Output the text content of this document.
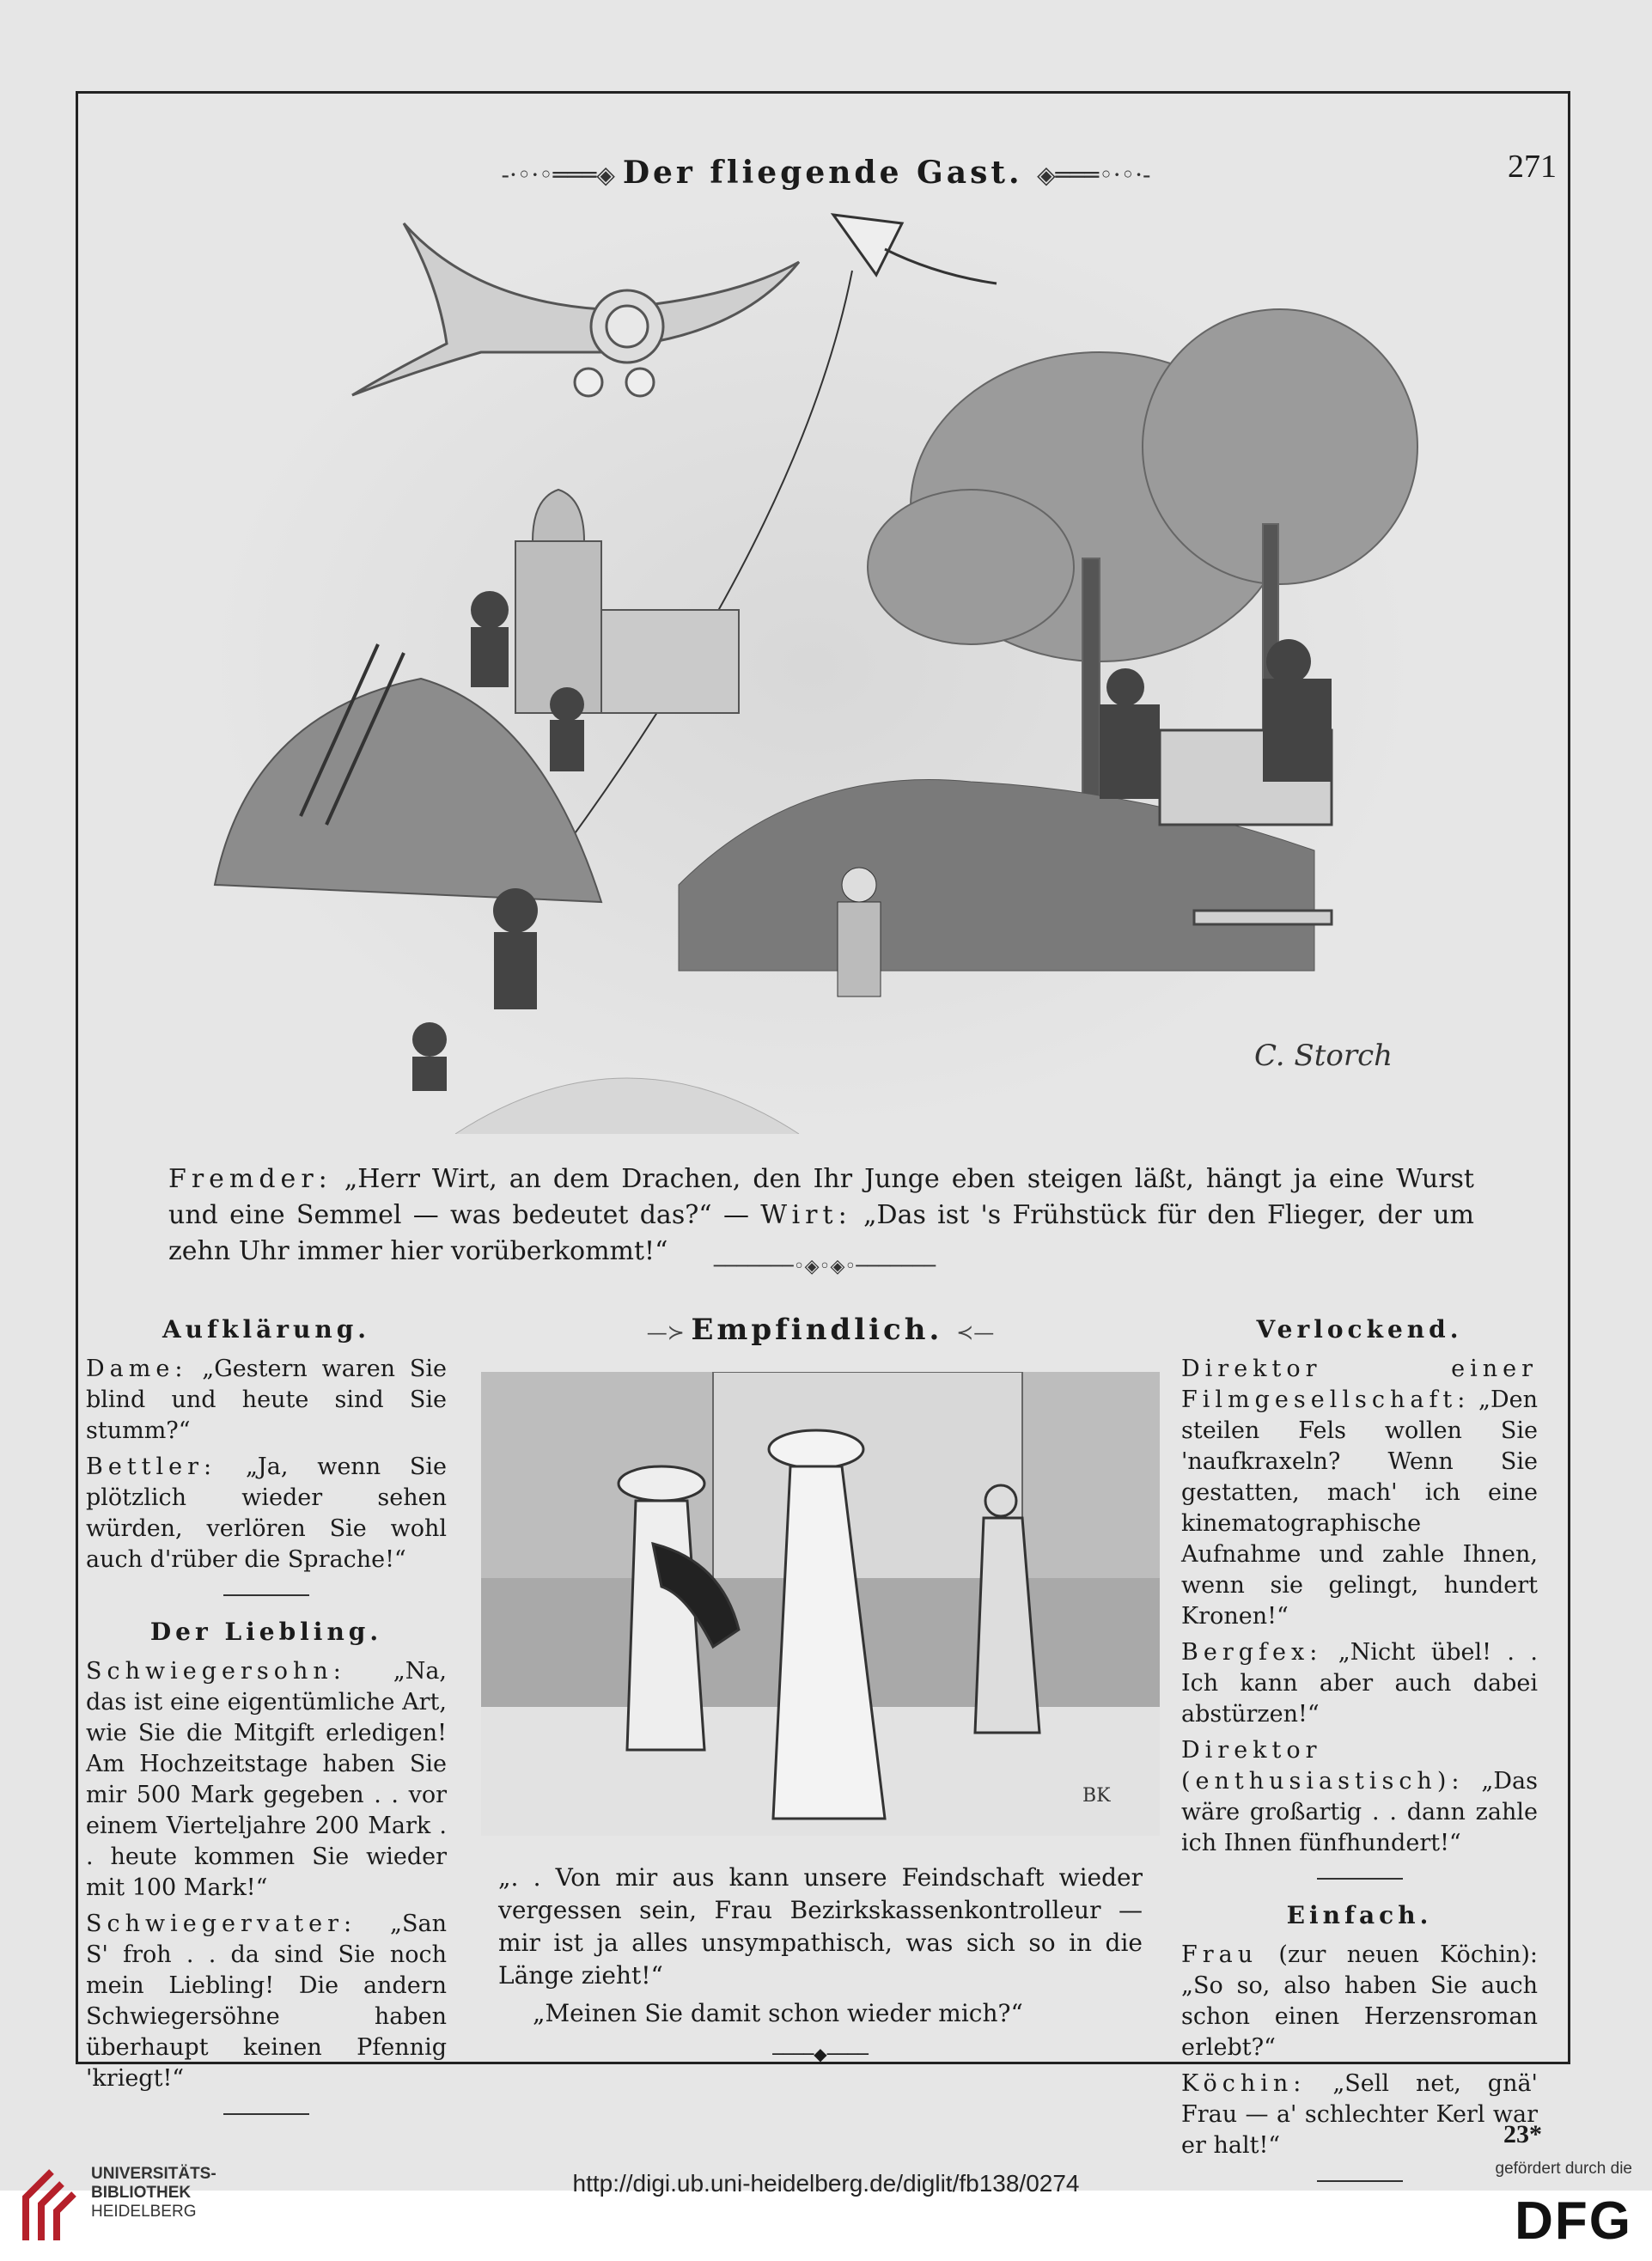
-·◦·◦═══◈ Der fliegende Gast. ◈═══◦·◦·-	271
C. Storch
Fremder: „Herr Wirt, an dem Drachen, den Ihr Junge eben steigen läßt, hängt ja eine Wurst und eine Semmel — was bedeutet das?“ — Wirt: „Das ist 's Frühstück für den Flieger, der um zehn Uhr immer hier vorüberkommt!“
───────◦◈◦◈◦───────
Aufklärung.

Dame: „Gestern waren Sie blind und heute sind Sie stumm?“

Bettler: „Ja, wenn Sie plötzlich wieder sehen würden, verlören Sie wohl auch d'rüber die Sprache!“

Der Liebling.

Schwiegersohn: „Na, das ist eine eigentümliche Art, wie Sie die Mitgift erledigen! Am Hochzeitstage haben Sie mir 500 Mark gegeben . . vor einem Vierteljahre 200 Mark . . heute kommen Sie wieder mit 100 Mark!“

Schwiegervater: „San S' froh . . da sind Sie noch mein Liebling! Die andern Schwiegersöhne haben überhaupt keinen Pfennig 'kriegt!“

—≻ Empfindlich. ≺—
BK

„. . Von mir aus kann unsere Feindschaft wieder vergessen sein, Frau Bezirkskassenkontrolleur — mir ist ja alles unsympathisch, was sich so in die Länge zieht!“

„Meinen Sie damit schon wieder mich?“

────◆────
Verlockend.

Direktor einer Filmgesellschaft: „Den steilen Fels wollen Sie 'naufkraxeln? Wenn Sie gestatten, mach' ich eine kinematographische Aufnahme und zahle Ihnen, wenn sie gelingt, hundert Kronen!“

Bergfex: „Nicht übel! . . Ich kann aber auch dabei abstürzen!“

Direktor (enthusiastisch): „Das wäre großartig . . dann zahle ich Ihnen fünfhundert!“

Einfach.

Frau (zur neuen Köchin): „So so, also haben Sie auch schon einen Herzensroman erlebt?“

Köchin: „Sell net, gnä' Frau — a' schlechter Kerl war er halt!“	23*
UNIVERSITÄTS-
BIBLIOTHEK
HEIDELBERG
http://digi.ub.uni-heidelberg.de/diglit/fb138/0274
gefördert durch die
DFG
